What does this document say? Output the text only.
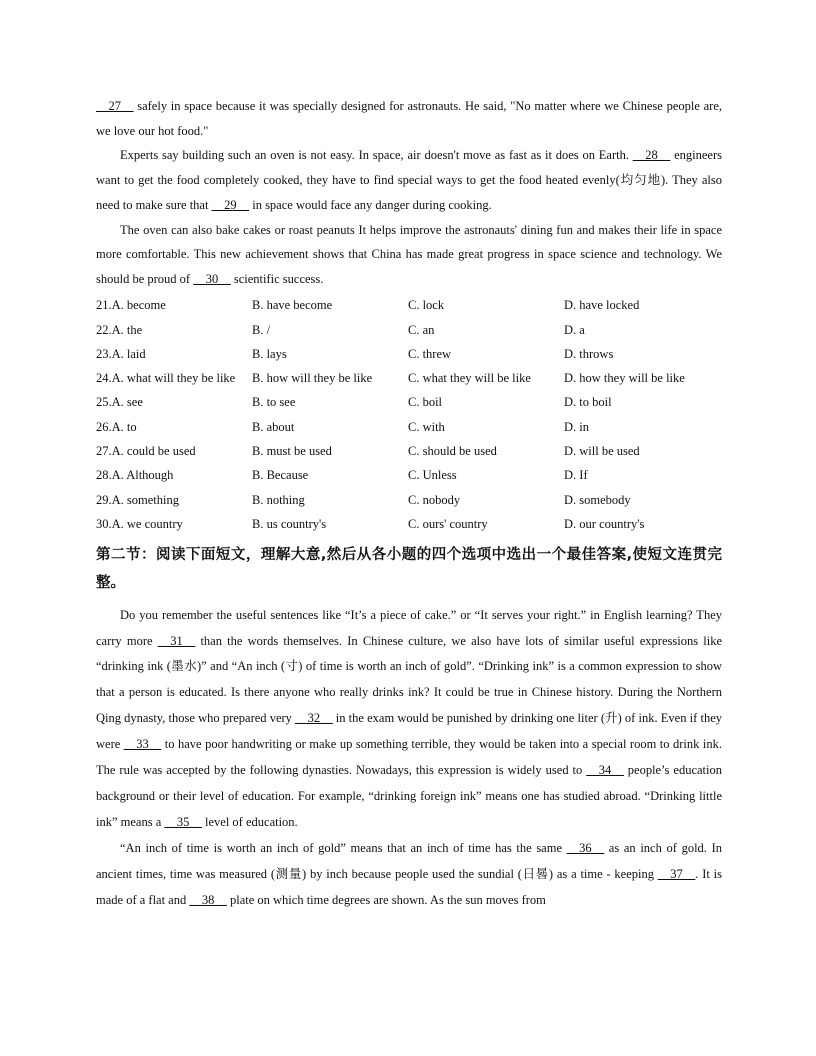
__27__ safely in space because it was specially designed for astronauts. He said, "No matter where we Chinese people are, we love our hot food."

Experts say building such an oven is not easy. In space, air doesn't move as fast as it does on Earth. __28__ engineers want to get the food completely cooked, they have to find special ways to get the food heated evenly(均匀地). They also need to make sure that __29__ in space would face any danger during cooking.

The oven can also bake cakes or roast peanuts It helps improve the astronauts' dining fun and makes their life in space more comfortable. This new achievement shows that China has made great progress in space science and technology. We should be proud of __30__ scientific success.

21.A. become	B. have become	C. lock	D. have locked
22.A. the	B. /	C. an	D. a
23.A. laid	B. lays	C. threw	D. throws
24.A. what will they be like	B. how will they be like	C. what they will be like	D. how they will be like
25.A. see	B. to see	C. boil	D. to boil
26.A. to	B. about	C. with	D. in
27.A. could be used	B. must be used	C. should be used	D. will be used
28.A. Although	B. Because	C. Unless	D. If
29.A. something	B. nothing	C. nobody	D. somebody
30.A. we country	B. us country's	C. ours' country	D. our country's
第二节：阅读下面短文，理解大意,然后从各小题的四个选项中选出一个最佳答案,使短文连贯完整。

Do you remember the useful sentences like “It’s a piece of cake.” or “It serves your right.” in English learning? They carry more __31__ than the words themselves. In Chinese culture, we also have lots of similar useful expressions like “drinking ink (墨水)” and “An inch (寸) of time is worth an inch of gold”. “Drinking ink” is a common expression to show that a person is educated. Is there anyone who really drinks ink? It could be true in Chinese history. During the Northern Qing dynasty, those who prepared very __32__ in the exam would be punished by drinking one liter (升) of ink. Even if they were __33__ to have poor handwriting or make up something terrible, they would be taken into a special room to drink ink. The rule was accepted by the following dynasties. Nowadays, this expression is widely used to __34__ people’s education background or their level of education. For example, “drinking foreign ink” means one has studied abroad. “Drinking little ink” means a __35__ level of education.

“An inch of time is worth an inch of gold” means that an inch of time has the same __36__ as an inch of gold. In ancient times, time was measured (测量) by inch because people used the sundial (日晷) as a time - keeping __37__. It is made of a flat and __38__ plate on which time degrees are shown. As the sun moves from
